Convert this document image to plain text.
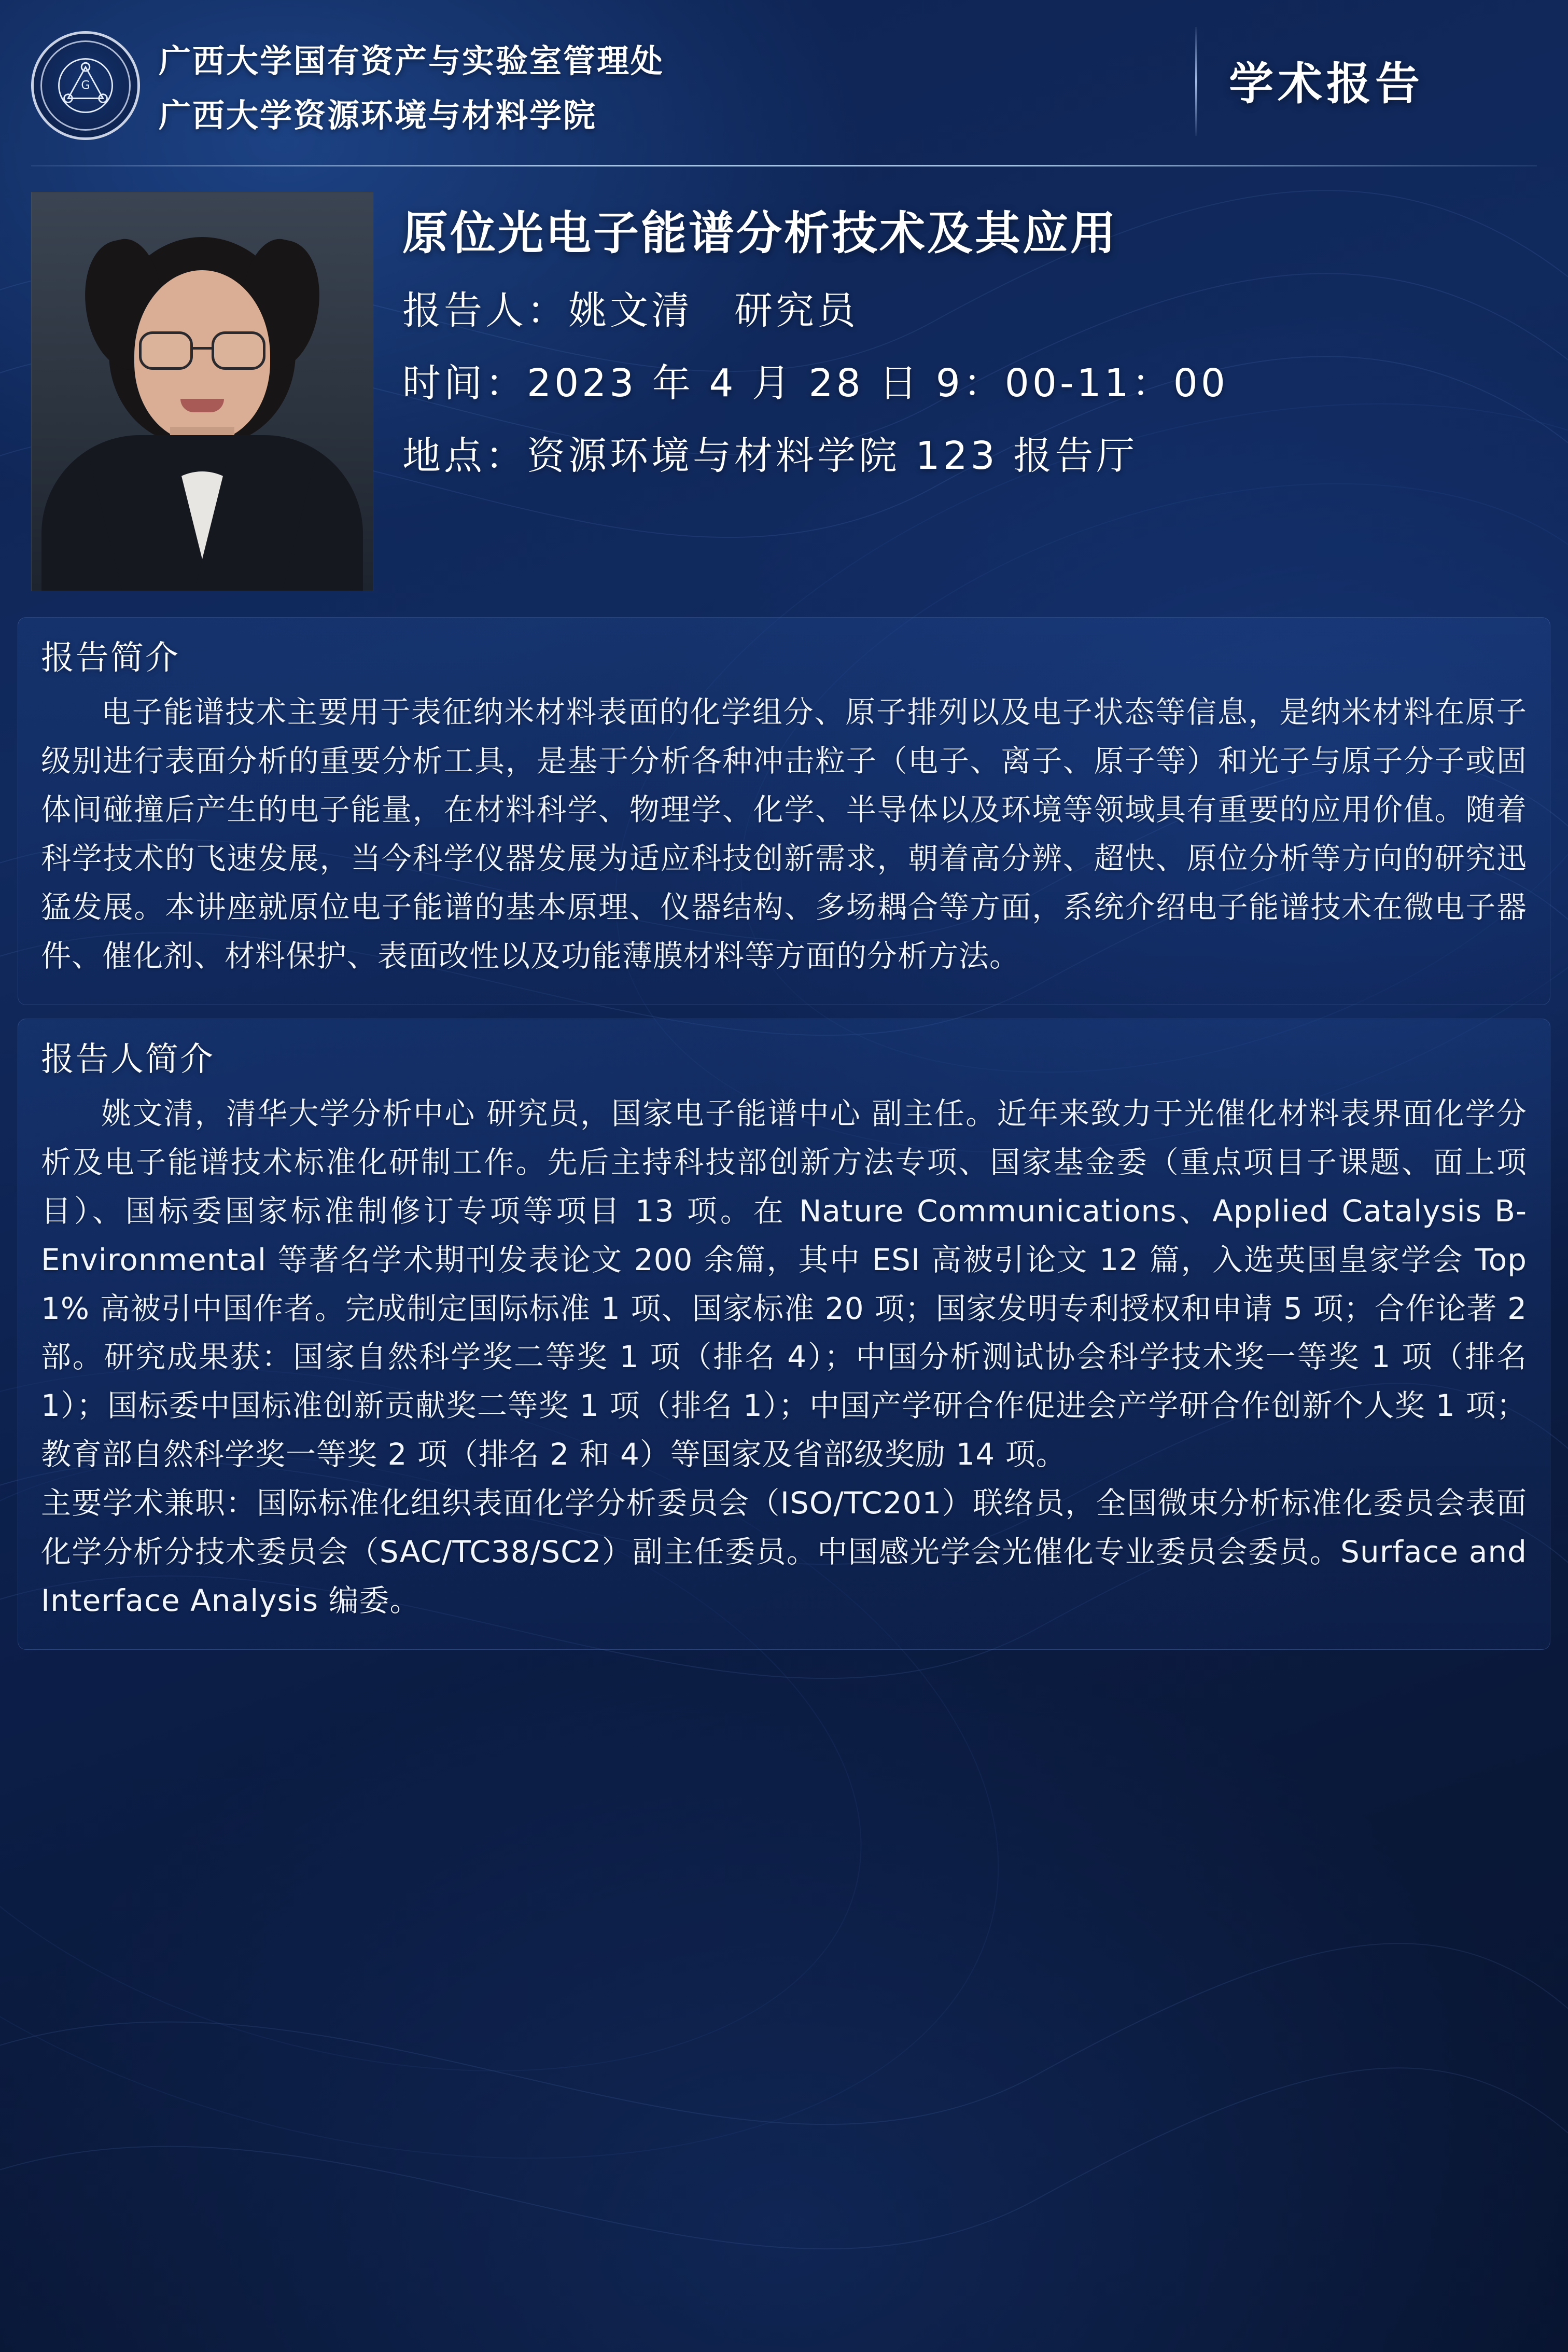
G
广西大学国有资产与实验室管理处
广西大学资源环境与材料学院
学术报告
原位光电子能谱分析技术及其应用
报告人：姚文清　研究员
时间：2023 年 4 月 28 日 9：00-11：00
地点：资源环境与材料学院 123 报告厅
报告简介

电子能谱技术主要用于表征纳米材料表面的化学组分、原子排列以及电子状态等信息，是纳米材料在原子级别进行表面分析的重要分析工具，是基于分析各种冲击粒子（电子、离子、原子等）和光子与原子分子或固体间碰撞后产生的电子能量，在材料科学、物理学、化学、半导体以及环境等领域具有重要的应用价值。随着科学技术的飞速发展，当今科学仪器发展为适应科技创新需求，朝着高分辨、超快、原位分析等方向的研究迅猛发展。本讲座就原位电子能谱的基本原理、仪器结构、多场耦合等方面，系统介绍电子能谱技术在微电子器件、催化剂、材料保护、表面改性以及功能薄膜材料等方面的分析方法。

报告人简介

姚文清，清华大学分析中心 研究员，国家电子能谱中心 副主任。近年来致力于光催化材料表界面化学分析及电子能谱技术标准化研制工作。先后主持科技部创新方法专项、国家基金委（重点项目子课题、面上项目）、国标委国家标准制修订专项等项目 13 项。在 Nature Communications、Applied Catalysis B-Environmental 等著名学术期刊发表论文 200 余篇，其中 ESI 高被引论文 12 篇，入选英国皇家学会 Top 1% 高被引中国作者。完成制定国际标准 1 项、国家标准 20 项；国家发明专利授权和申请 5 项；合作论著 2 部。研究成果获：国家自然科学奖二等奖 1 项（排名 4）；中国分析测试协会科学技术奖一等奖 1 项（排名 1）；国标委中国标准创新贡献奖二等奖 1 项（排名 1）；中国产学研合作促进会产学研合作创新个人奖 1 项；教育部自然科学奖一等奖 2 项（排名 2 和 4）等国家及省部级奖励 14 项。

主要学术兼职：国际标准化组织表面化学分析委员会（ISO/TC201）联络员，全国微束分析标准化委员会表面化学分析分技术委员会（SAC/TC38/SC2）副主任委员。中国感光学会光催化专业委员会委员。Surface and Interface Analysis 编委。
